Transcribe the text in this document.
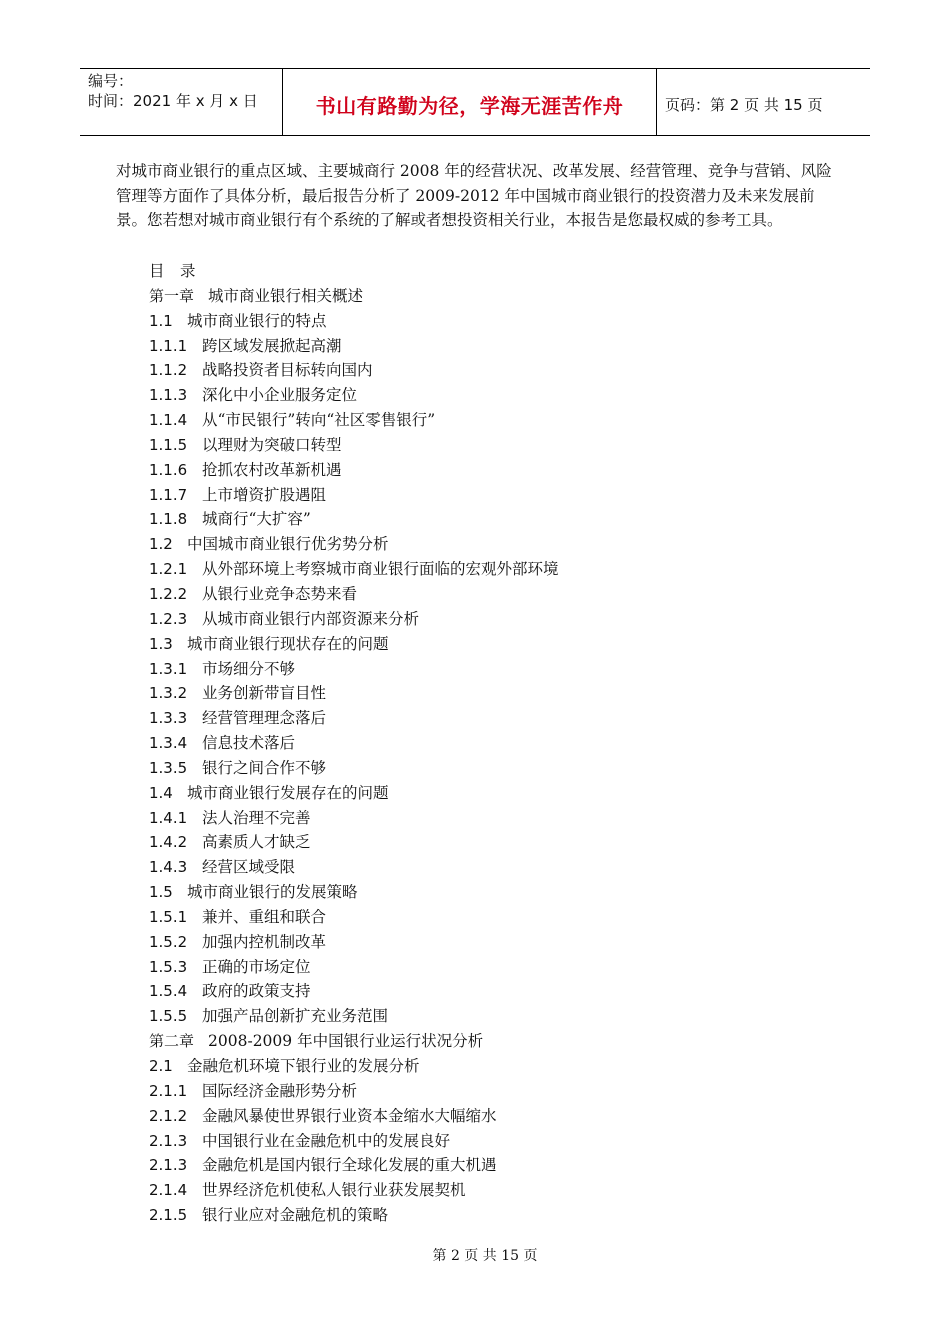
编号：
时间：2021 年 x 月 x 日	书山有路勤为径，学海无涯苦作舟	页码：第 2 页 共 15 页

对城市商业银行的重点区域、主要城商行 2008 年的经营状况、改革发展、经营管理、竞争与营销、风险管理等方面作了具体分析，最后报告分析了 2009-2012 年中国城市商业银行的投资潜力及未来发展前景。您若想对城市商业银行有个系统的了解或者想投资相关行业，本报告是您最权威的参考工具。

目　录
第一章 城市商业银行相关概述
1.1 城市商业银行的特点
1.1.1 跨区域发展掀起高潮
1.1.2 战略投资者目标转向国内
1.1.3 深化中小企业服务定位
1.1.4 从“市民银行”转向“社区零售银行”
1.1.5 以理财为突破口转型
1.1.6 抢抓农村改革新机遇
1.1.7 上市增资扩股遇阻
1.1.8 城商行“大扩容”
1.2 中国城市商业银行优劣势分析
1.2.1 从外部环境上考察城市商业银行面临的宏观外部环境
1.2.2 从银行业竞争态势来看
1.2.3 从城市商业银行内部资源来分析
1.3 城市商业银行现状存在的问题
1.3.1 市场细分不够
1.3.2 业务创新带盲目性
1.3.3 经营管理理念落后
1.3.4 信息技术落后
1.3.5 银行之间合作不够
1.4 城市商业银行发展存在的问题
1.4.1 法人治理不完善
1.4.2 高素质人才缺乏
1.4.3 经营区域受限
1.5 城市商业银行的发展策略
1.5.1 兼并、重组和联合
1.5.2 加强内控机制改革
1.5.3 正确的市场定位
1.5.4 政府的政策支持
1.5.5 加强产品创新扩充业务范围
第二章 2008-2009 年中国银行业运行状况分析
2.1 金融危机环境下银行业的发展分析
2.1.1 国际经济金融形势分析
2.1.2 金融风暴使世界银行业资本金缩水大幅缩水
2.1.3 中国银行业在金融危机中的发展良好
2.1.3 金融危机是国内银行全球化发展的重大机遇
2.1.4 世界经济危机使私人银行业获发展契机
2.1.5 银行业应对金融危机的策略
第 2 页 共 15 页
